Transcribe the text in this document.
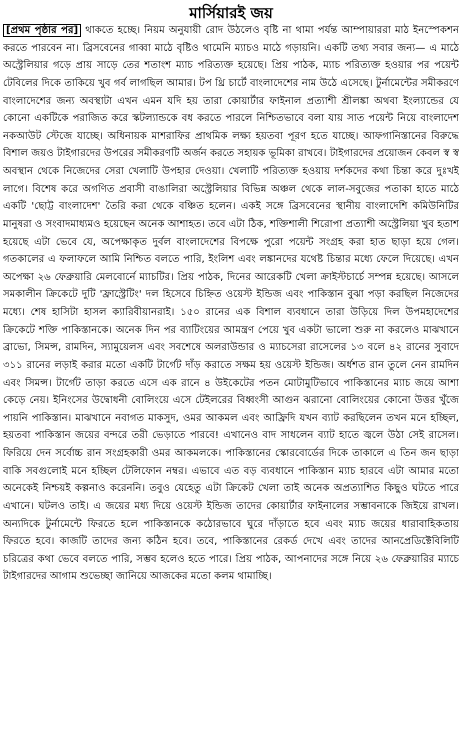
মার্সিয়ারই জয়
[প্রথম পৃষ্ঠার পর] থাকতে হচ্ছে। নিয়ম অনুযায়ী রোদ উঠলেও বৃষ্টি না থামা পর্যন্ত আম্পায়াররা মাঠ ইনস্পেকশন করতে পারবেন না। ব্রিসবেনের গাব্বা মাঠে বৃষ্টিও থামেনি ম্যাচও মাঠে গড়ায়নি। একটি তথ্য সবার জন্য— এ মাঠে অস্ট্রেলিয়ার গড়ে প্রায় সাড়ে তের শতাংশ ম্যাচ পরিত্যক্ত হয়েছে। প্রিয় পাঠক, ম্যাচ পরিত্যক্ত হওয়ার পর পয়েন্ট টেবিলের দিকে তাকিয়ে খুব গর্ব লাগছিল আমার। টপ থ্রি চার্টে বাংলাদেশের নাম উঠে এসেছে। টুর্নামেন্টের সমীকরণে বাংলাদেশের জন্য অবস্থাটা এখন এমন যদি হয় তারা কোয়ার্টার ফাইনাল প্রত্যাশী শ্রীলঙ্কা অথবা ইংল্যান্ডের যে কোনো একটিকে পরাজিত করে স্কটল্যান্ডকে বধ করতে পারলে নিশ্চিতভাবে বলা যায় সাত পয়েন্ট নিয়ে বাংলাদেশ নকআউট স্টেজে যাচ্ছে। অধিনায়ক মাশরাফির প্রাথমিক লক্ষ্য হয়তবা পূরণ হতে যাচ্ছে। আফগানিস্তানের বিরুদ্ধে বিশাল জয়ও টাইগারদের উপরের সমীকরণটি অর্জন করতে সহায়ক ভূমিকা রাখবে। টাইগারদের প্রয়োজন কেবল স্ব স্ব অবস্থান থেকে নিজেদের সেরা খেলাটি উপহার দেওয়া। খেলাটি পরিত্যক্ত হওয়ায় দর্শকদের কথা চিন্তা করে দুঃখই লাগে। বিশেষ করে অগণিত প্রবাসী বাঙালিরা অস্ট্রেলিয়ার বিভিন্ন অঞ্চল থেকে লাল-সবুজের পতাকা হাতে মাঠে একটি 'ছোট্ট বাংলাদেশ' তৈরি করা থেকে বঞ্চিত হলেন। একই সঙ্গে ব্রিসবেনের স্থানীয় বাংলাদেশি কমিউনিটির মানুষরা ও সংবাদমাধ্যমও হয়েছেন অনেক আশাহত। তবে এটা ঠিক, শক্তিশালী শিরোপা প্রত্যাশী অস্ট্রেলিয়া খুব হতাশ হয়েছে এটা ভেবে যে, অপেক্ষাকৃত দুর্বল বাংলাদেশের বিপক্ষে পুরো পয়েন্ট সংগ্রহ করা হাত ছাড়া হয়ে গেল। গতকালের এ ফলাফলে আমি নিশ্চিত বলতে পারি, ইংলিশ এবং লঙ্কানদের যথেষ্ট চিন্তার মধ্যে ফেলে দিয়েছে। এখন অপেক্ষা ২৬ ফেব্রুয়ারি মেলবোর্নে ম্যাচটির। প্রিয় পাঠক, দিনের আরেকটি খেলা ক্রাইস্টচার্চে সম্পন্ন হয়েছে। আসলে সমকালীন ক্রিকেটে দুটি 'ফ্রাস্ট্রেটিং' দল হিসেবে চিহ্নিত ওয়েস্ট ইন্ডিজ এবং পাকিস্তান বুঝা পড়া করছিল নিজেদের মধ্যে। শেষ হাসিটা হাসল ক্যারিবীয়ানরাই। ১৫০ রানের এক বিশাল ব্যবধানে তারা উড়িয়ে দিল উপমহাদেশের ক্রিকেটে শক্তি পাকিস্তানকে। অনেক দিন পর ব্যাটিংয়ের আমন্ত্রণ পেয়ে খুব একটা ভালো শুরু না করলেও মাঝখানে ব্রাভো, সিমন্স, রামদিন, স্যামুয়েলস এবং সবশেষে অলরাউন্ডার ও ম্যাচসেরা রাসেলের ১৩ বলে ৪২ রানের সুবাদে ৩১১ রানের লড়াই করার মতো একটি টার্গেট দাঁড় করাতে সক্ষম হয় ওয়েস্ট ইন্ডিজ। অর্ধশত রান তুলে নেন রামদিন এবং সিমন্স। টার্গেট তাড়া করতে এসে এক রানে ৪ উইকেটের পতন মোটামুটিভাবে পাকিস্তানের ম্যাচ জয়ে আশা কেড়ে নেয়। ইনিংসের উদ্বোধনী বোলিংয়ে এসে টেইলরের বিধ্বংসী আগুন ঝরানো বোলিংয়ের কোনো উত্তর খুঁজে পায়নি পাকিস্তান। মাঝখানে নবাগত মাকসুদ, ওমর আকমল এবং আফ্রিদি যখন ব্যাট করছিলেন তখন মনে হচ্ছিল, হয়তবা পাকিস্তান জয়ের বন্দরে তরী ভেড়াতে পারবে! এখানেও বাদ সাধলেন ব্যাট হাতে জ্বলে উঠা সেই রাসেল। ফিরিয়ে দেন সর্বোচ্চ রান সংগ্রহকারী ওমর আকমলকে। পাকিস্তানের স্কোরবোর্ডের দিকে তাকালে এ তিন জন ছাড়া বাকি সবগুলোই মনে হচ্ছিল টেলিফোন নম্বর। এভাবে এত বড় ব্যবধানে পাকিস্তান ম্যাচ হারবে এটা আমার মতো অনেকেই নিশ্চয়ই কল্পনাও করেননি। তবুও যেহেতু এটা ক্রিকেট খেলা তাই অনেক অপ্রত্যাশিত কিছুও ঘটতে পারে এখানে। ঘটলও তাই। এ জয়ের মধ্য দিয়ে ওয়েস্ট ইন্ডিজ তাদের কোয়ার্টার ফাইনালের সম্ভাবনাকে জিইয়ে রাখল। অন্যদিকে টুর্নামেন্টে ফিরতে হলে পাকিস্তানকে কঠোরভাবে ঘুরে দাঁড়াতে হবে এবং ম্যাচ জয়ের ধারাবাহিকতায় ফিরতে হবে। কাজটি তাদের জন্য কঠিন হবে। তবে, পাকিস্তানের রেকর্ড দেখে এবং তাদের আনপ্রেডিক্টেবিলিটি চরিত্রের কথা ভেবে বলতে পারি, সম্ভব হলেও হতে পারে। প্রিয় পাঠক, আপনাদের সঙ্গে নিয়ে ২৬ ফেব্রুয়ারির ম্যাচে টাইগারদের আগাম শুভেচ্ছা জানিয়ে আজকের মতো কলম থামাচ্ছি।
